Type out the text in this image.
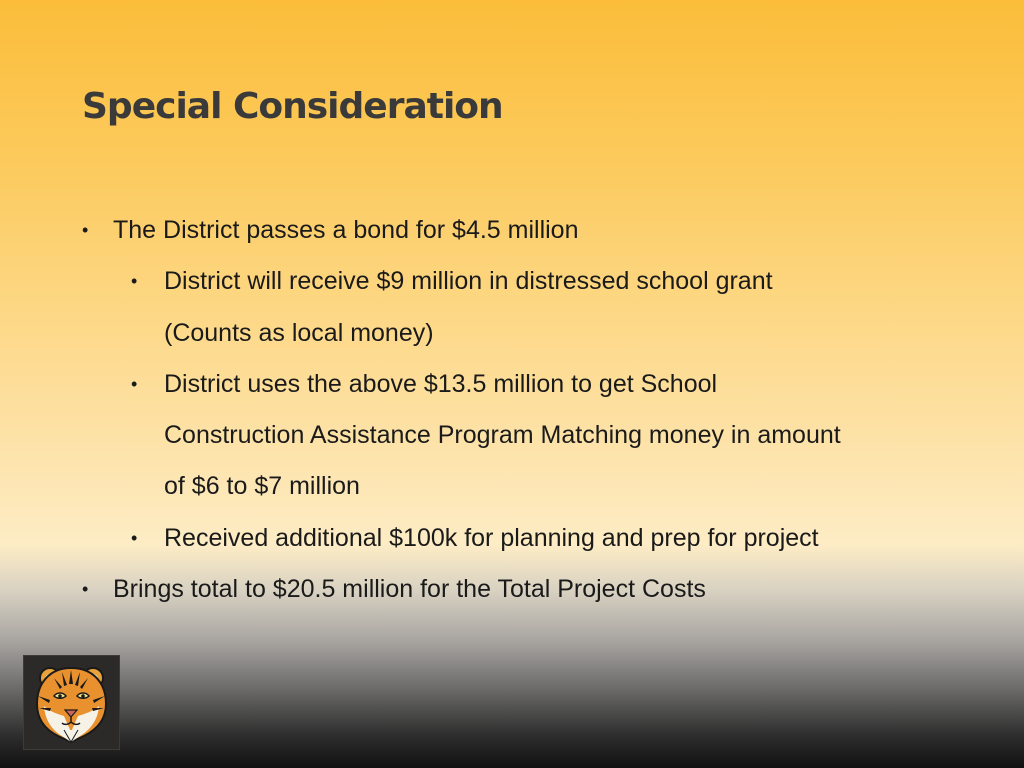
Special Consideration
• The District passes a bond for $4.5 million
• District will receive $9 million in distressed school grant (Counts as local money)
• District uses the above $13.5 million to get School Construction Assistance Program Matching money in amount of $6 to $7 million
• Received additional $100k for planning and prep for project
• Brings total to $20.5 million for the Total Project Costs
